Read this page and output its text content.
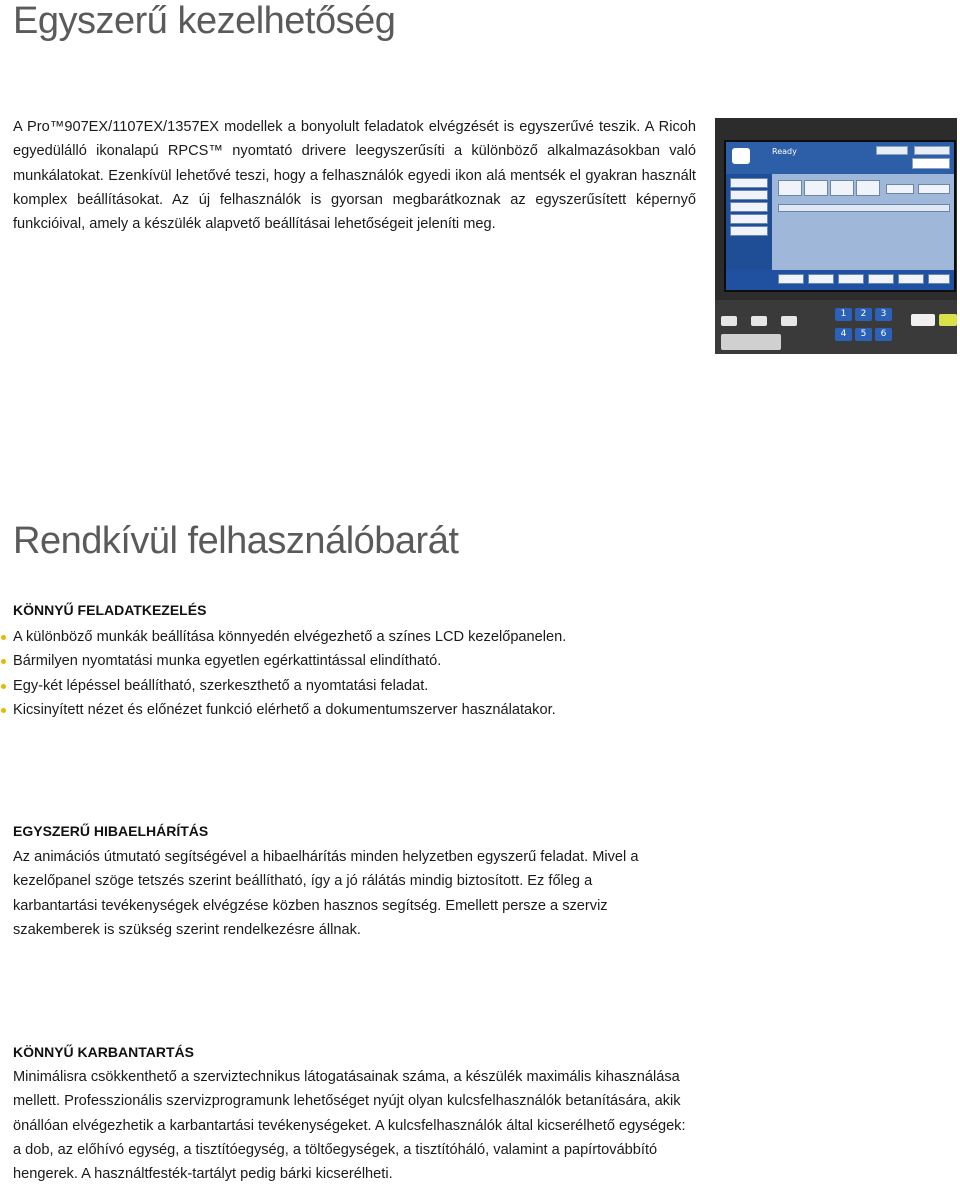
Egyszerű kezelhetőség

A Pro™907EX/1107EX/1357EX modellek a bonyolult feladatok elvégzését is egyszerűvé teszik. A Ricoh egyedülálló ikonalapú RPCS™ nyomtató drivere leegyszerűsíti a különböző alkalmazásokban való munkálatokat. Ezenkívül lehetővé teszi, hogy a felhasználók egyedi ikon alá mentsék el gyakran használt komplex beállításokat. Az új felhasználók is gyorsan megbarátkoznak az egyszerűsített képernyő funkcióival, amely a készülék alapvető beállításai lehetőségeit jeleníti meg.

Ready
1	2	3
4	5	6
Rendkívül felhasználóbarát
KÖNNYŰ FELADATKEZELÉS
A különböző munkák beállítása könnyedén elvégezhető a színes LCD kezelőpanelen.
Bármilyen nyomtatási munka egyetlen egérkattintással elindítható.
Egy-két lépéssel beállítható, szerkeszthető a nyomtatási feladat.
Kicsinyített nézet és előnézet funkció elérhető a dokumentumszerver használatakor.
EGYSZERŰ HIBAELHÁRÍTÁS

Az animációs útmutató segítségével a hibaelhárítás minden helyzetben egyszerű feladat. Mivel a kezelőpanel szöge tetszés szerint beállítható, így a jó rálátás mindig biztosított. Ez főleg a karbantartási tevékenységek elvégzése közben hasznos segítség. Emellett persze a szerviz szakemberek is szükség szerint rendelkezésre állnak.

KÖNNYŰ KARBANTARTÁS

Minimálisra csökkenthető a szerviztechnikus látogatásainak száma, a készülék maximális kihasználása mellett. Professzionális szervizprogramunk lehetőséget nyújt olyan kulcsfelhasználók betanítására, akik önállóan elvégezhetik a karbantartási tevékenységeket. A kulcsfelhasználók által kicserélhető egységek: a dob, az előhívó egység, a tisztítóegység, a töltőegységek, a tisztítóháló, valamint a papírtovábbító hengerek. A használtfesték-tartályt pedig bárki kicserélheti.
